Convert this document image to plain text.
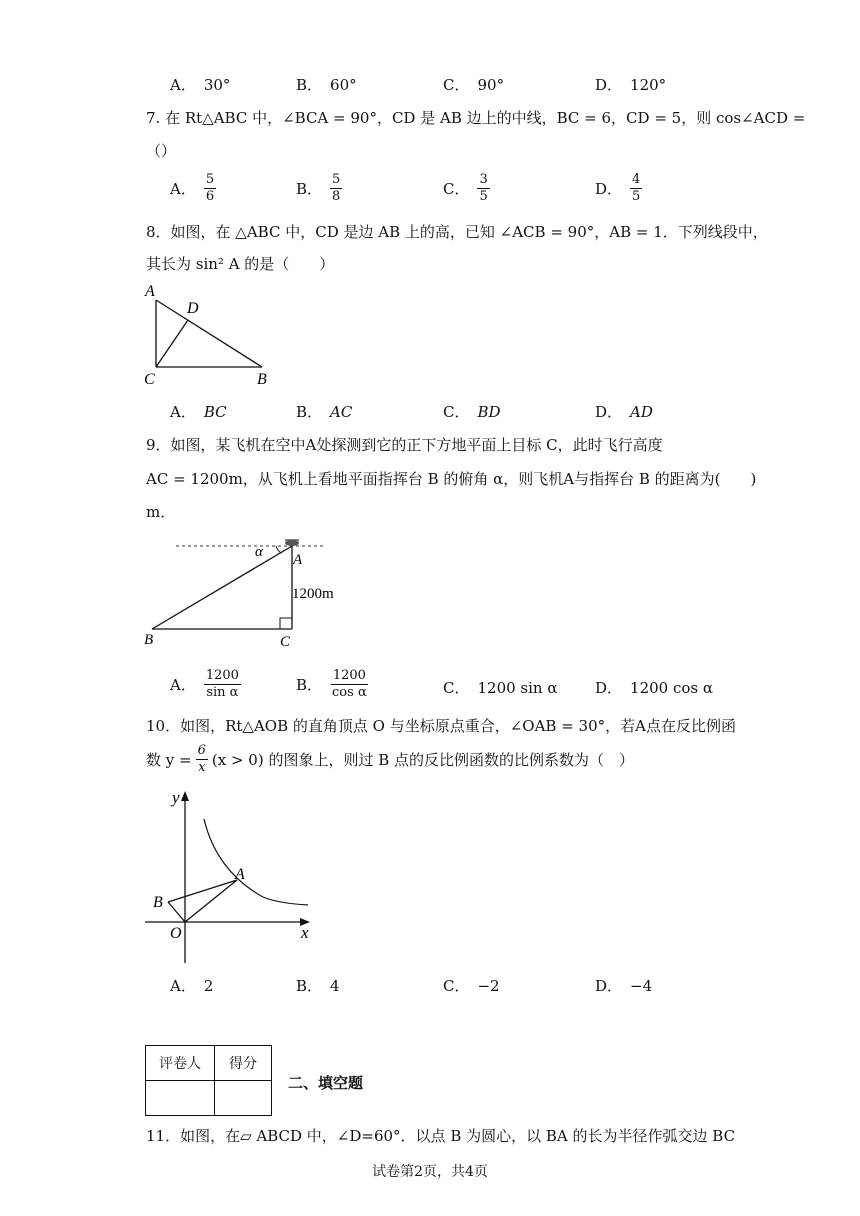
A． 30°	B． 60°	C． 90°	D． 120°
7. 在 Rt△ABC 中，∠BCA = 90°，CD 是 AB 边上的中线，BC = 6，CD = 5，则 cos∠ACD =
（）
A． $\frac{5}{6}$	B． $\frac{5}{8}$	C． $\frac{3}{5}$	D． $\frac{4}{5}$
8．如图，在 △ABC 中，CD 是边 AB 上的高，已知 ∠ACB = 90°，AB = 1．下列线段中，
其长为 sin² A 的是（　　）
A
D
C	B
A． BC	B． AC	C． BD	D． AD
9．如图，某飞机在空中A处探测到它的正下方地平面上目标 C，此时飞行高度
AC = 1200m，从飞机上看地平面指挥台 B 的俯角 α，则飞机A与指挥台 B 的距离为(　　)
m．
α A
1200m
B	C
A． $\frac{1200}{\text{sin α}}$	B． $\frac{1200}{\text{cos α}}$	C． 1200 sin α	D． 1200 cos α
10．如图，Rt△AOB 的直角顶点 O 与坐标原点重合，∠OAB = 30°，若A点在反比例函
数 $y = \frac{6}{x} (x > 0)$ 的图象上，则过 B 点的反比例函数的比例系数为（　）
y
x
A
B
O
A． 2	B． 4	C． −2	D． −4
评卷人	得分

二、填空题
11．如图，在▱ ABCD 中，∠D=60°．以点 B 为圆心，以 BA 的长为半径作弧交边 BC
试卷第2页，共4页
